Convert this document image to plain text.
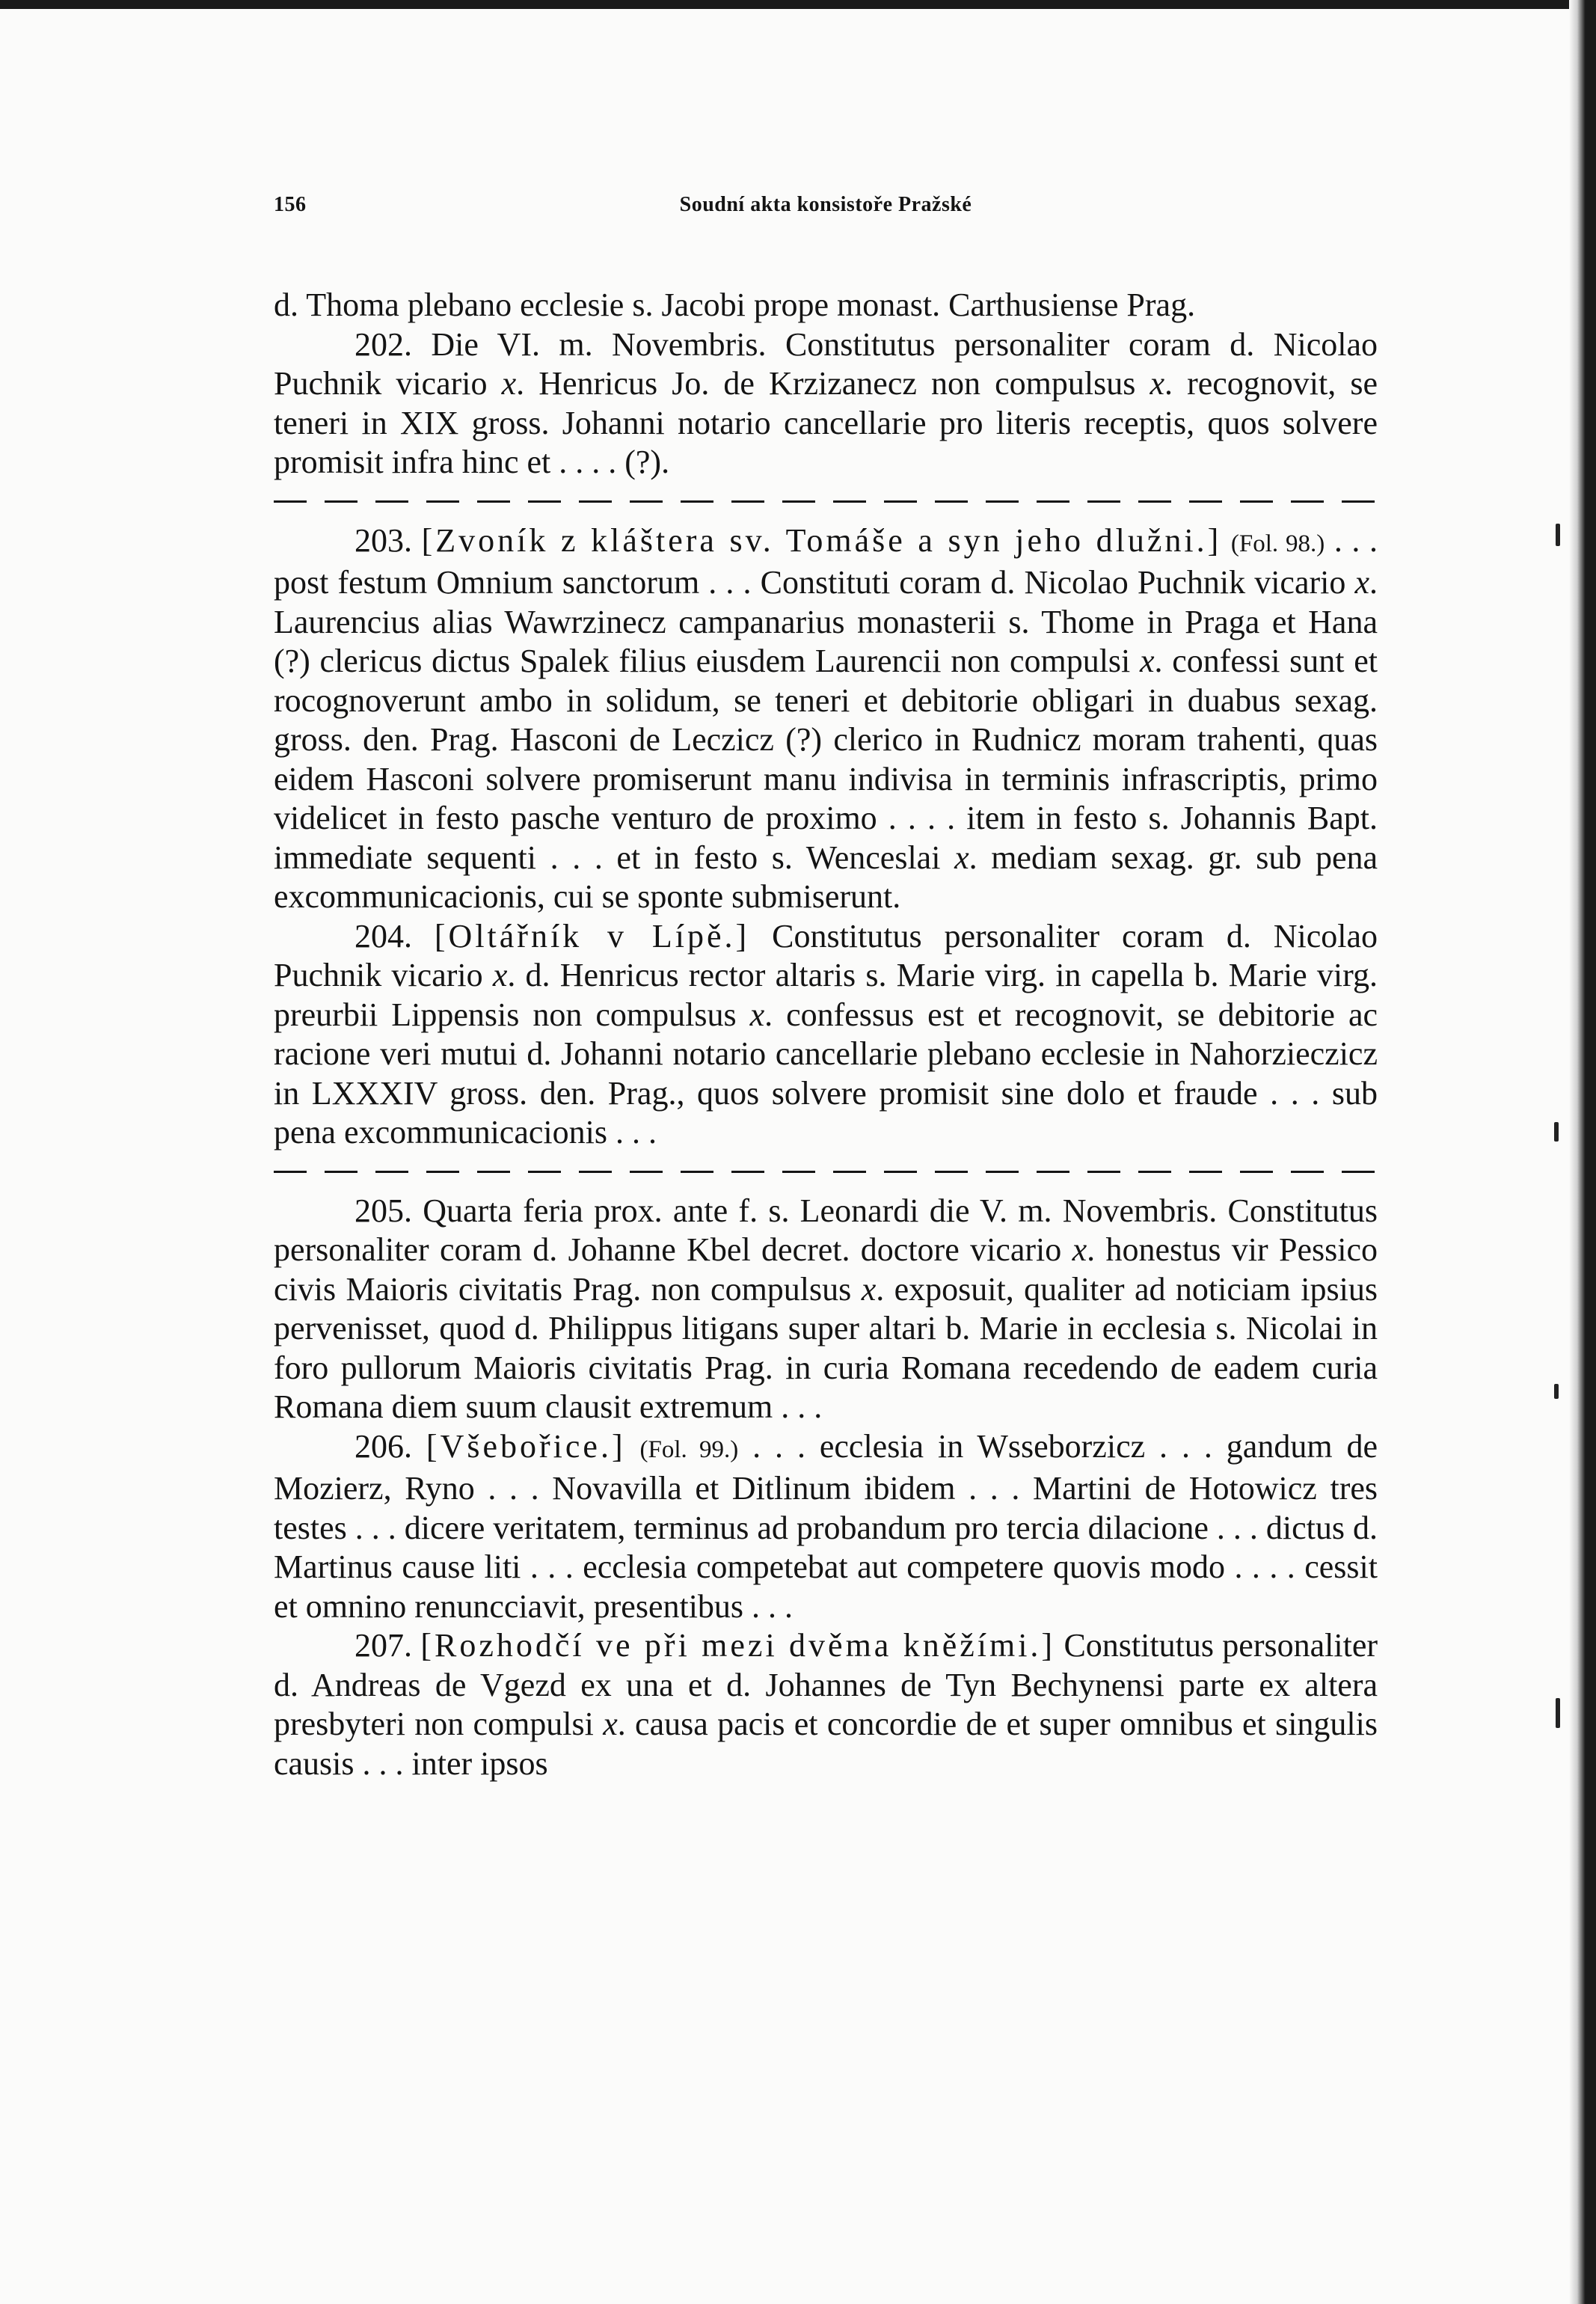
156	Soudní akta konsistoře Pražské

d. Thoma plebano ecclesie s. Jacobi prope monast. Carthusiense Prag.

202. Die VI. m. Novembris. Constitutus personaliter coram d. Nicolao Puchnik vicario x. Henricus Jo. de Krzizanecz non compulsus x. recognovit, se teneri in XIX gross. Johanni notario cancellarie pro literis receptis, quos solvere promisit infra hinc et . . . . (?).

203. [Zvoník z kláštera sv. Tomáše a syn jeho dlužni.] (Fol. 98.) . . . post festum Omnium sanctorum . . . Constituti coram d. Nicolao Puchnik vicario x. Laurencius alias Wawrzinecz campanarius monasterii s. Thome in Praga et Hana (?) clericus dictus Spalek filius eiusdem Laurencii non compulsi x. confessi sunt et rocognoverunt ambo in solidum, se teneri et debitorie obligari in duabus sexag. gross. den. Prag. Hasconi de Leczicz (?) clerico in Rudnicz moram trahenti, quas eidem Hasconi solvere promiserunt manu indivisa in terminis infrascriptis, primo videlicet in festo pasche venturo de proximo . . . . item in festo s. Johannis Bapt. immediate sequenti . . . et in festo s. Wenceslai x. mediam sexag. gr. sub pena excommunicacionis, cui se sponte submiserunt.

204. [Oltářník v Lípě.] Constitutus personaliter coram d. Nicolao Puchnik vicario x. d. Henricus rector altaris s. Marie virg. in capella b. Marie virg. preurbii Lippensis non compulsus x. confessus est et recognovit, se debitorie ac racione veri mutui d. Johanni notario cancellarie plebano ecclesie in Nahorzieczicz in LXXXIV gross. den. Prag., quos solvere promisit sine dolo et fraude . . . sub pena excommunicacionis . . .

205. Quarta feria prox. ante f. s. Leonardi die V. m. Novembris. Constitutus personaliter coram d. Johanne Kbel decret. doctore vicario x. honestus vir Pessico civis Maioris civitatis Prag. non compulsus x. exposuit, qualiter ad noticiam ipsius pervenisset, quod d. Philippus litigans super altari b. Marie in ecclesia s. Nicolai in foro pullorum Maioris civitatis Prag. in curia Romana recedendo de eadem curia Romana diem suum clausit extremum . . .

206. [Všebořice.] (Fol. 99.) . . . ecclesia in Wsseborzicz . . . gandum de Mozierz, Ryno . . . Novavilla et Ditlinum ibidem . . . Martini de Hotowicz tres testes . . . dicere veritatem, terminus ad probandum pro tercia dilacione . . . dictus d. Martinus cause liti . . . ecclesia competebat aut competere quovis modo . . . . cessit et omnino renuncciavit, presentibus . . .

207. [Rozhodčí ve při mezi dvěma kněžími.] Constitutus personaliter d. Andreas de Vgezd ex una et d. Johannes de Tyn Bechynensi parte ex altera presbyteri non compulsi x. causa pacis et concordie de et super omnibus et singulis causis . . . inter ipsos
